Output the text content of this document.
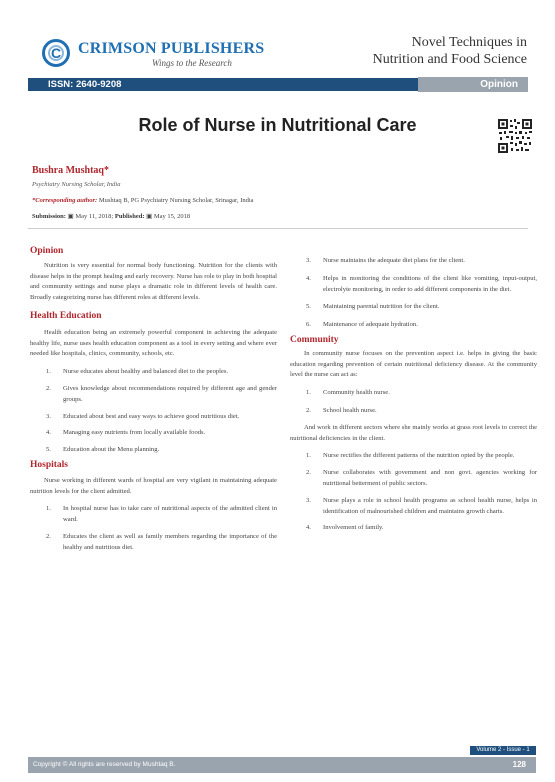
C	CRIMSON PUBLISHERS
Wings to the Research
Novel Techniques in
Nutrition and Food Science
ISSN: 2640-9208	Opinion
Role of Nurse in Nutritional Care
Bushra Mushtaq*
Psychiatry Nursing Scholar, India
*Corresponding author: Mushtaq B, PG Psychiatry Nursing Scholar, Srinagar, India
Submission: ▣ May 11, 2018; Published: ▣ May 15, 2018
Opinion

Nutrition is very essential for normal body functioning. Nutrition for the clients with disease helps in the prompt healing and early recovery. Nurse has role to play in both hospital and community settings and nurse plays a dramatic role in different levels of health care. Broadly categorizing nurse has different roles at different levels.

Health Education

Health education being an extremely powerful component in achieving the adequate healthy life, nurse uses health education component as a tool in every setting and where ever needed like hospitals, clinics, community, schools, etc.

1.	Nurse educates about healthy and balanced diet to the peoples.
2.	Gives knowledge about recommendations required by different age and gender groups.
3.	Educated about best and easy ways to achieve good nutritious diet.
4.	Managing easy nutrients from locally available foods.
5.	Education about the Menu planning.
Hospitals

Nurse working in different wards of hospital are very vigilant in maintaining adequate nutrition levels for the client admitted.

1.	In hospital nurse has to take care of nutritional aspects of the admitted client in ward.
2.	Educates the client as well as family members regarding the importance of the healthy and nutritious diet.
3.	Nurse maintains the adequate diet plans for the client.
4.	Helps in monitoring the conditions of the client like vomiting, input-output, electrolyte monitoring, in order to add different components in the diet.
5.	Maintaining parental nutrition for the client.
6.	Maintenance of adequate hydration.
Community

In community nurse focuses on the prevention aspect i.e. helps in giving the basic education regarding prevention of certain nutritional deficiency disease. At the community level the nurse can act as:

1.	Community health nurse.
2.	School health nurse.

And work in different sectors where she mainly works at grass root levels to correct the nutritional deficiencies in the client.

1.	Nurse rectifies the different patterns of the nutrition opted by the people.
2.	Nurse collaborates with government and non govt. agencies working for nutritional betterment of public sectors.
3.	Nurse plays a role in school health programs as school health nurse, helps in identification of malnourished children and maintains growth charts.
4.	Involvement of family.
Volume 2 - Issue - 1
Copyright © All rights are reserved by Mushtaq B.	128
